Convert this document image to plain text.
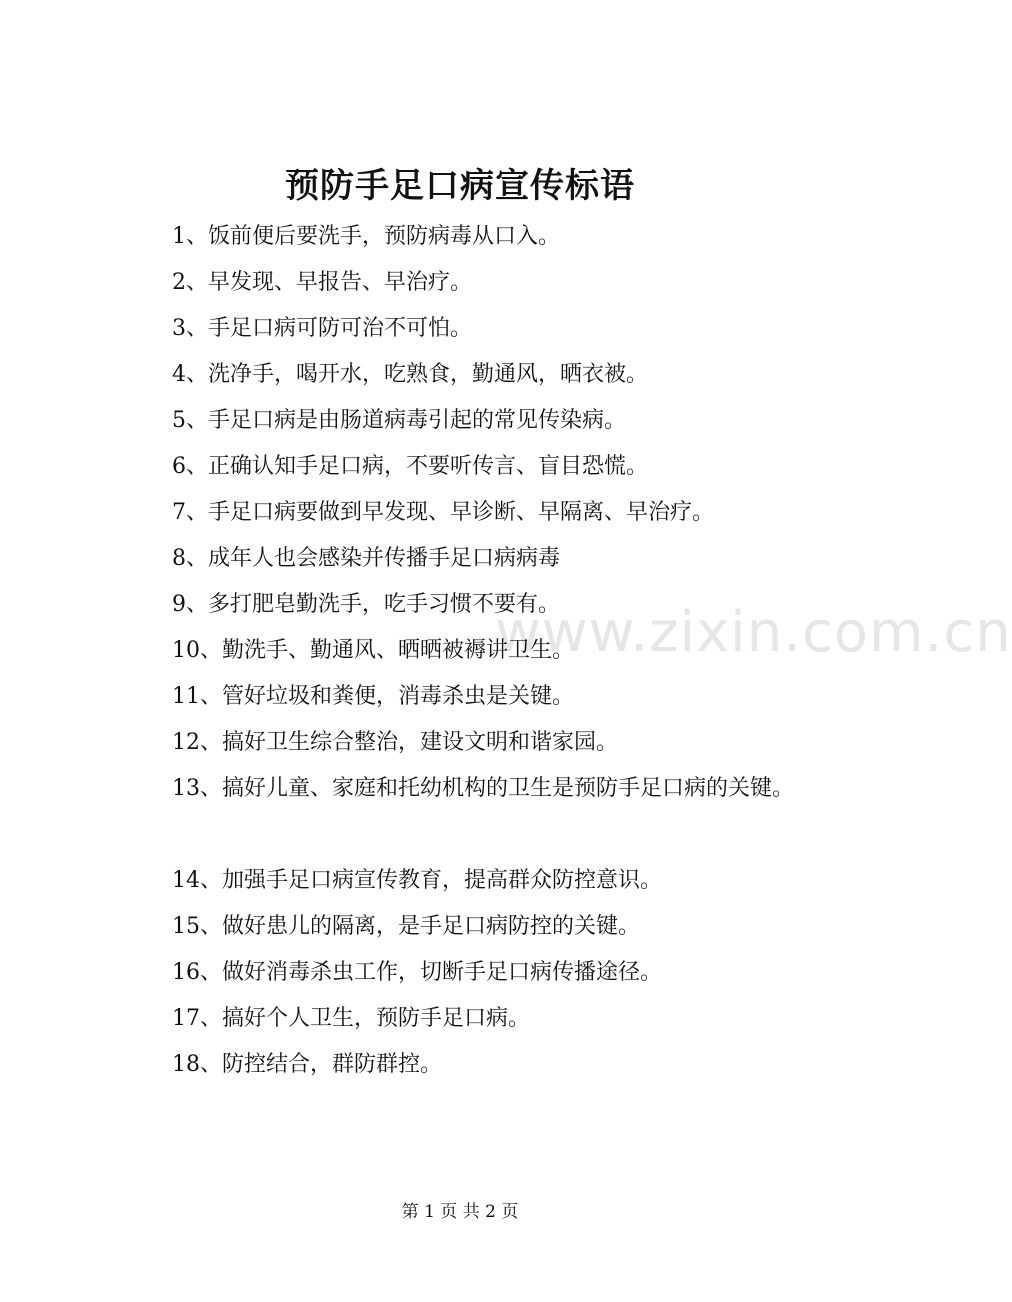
www.zixin.com.cn
预防手足口病宣传标语
1、饭前便后要洗手，预防病毒从口入。
2、早发现、早报告、早治疗。
3、手足口病可防可治不可怕。
4、洗净手，喝开水，吃熟食，勤通风，晒衣被。
5、手足口病是由肠道病毒引起的常见传染病。
6、正确认知手足口病，不要听传言、盲目恐慌。
7、手足口病要做到早发现、早诊断、早隔离、早治疗。
8、成年人也会感染并传播手足口病病毒
9、多打肥皂勤洗手，吃手习惯不要有。
10、勤洗手、勤通风、晒晒被褥讲卫生。
11、管好垃圾和粪便，消毒杀虫是关键。
12、搞好卫生综合整治，建设文明和谐家园。
13、搞好儿童、家庭和托幼机构的卫生是预防手足口病的关键。
14、加强手足口病宣传教育，提高群众防控意识。
15、做好患儿的隔离，是手足口病防控的关键。
16、做好消毒杀虫工作，切断手足口病传播途径。
17、搞好个人卫生，预防手足口病。
18、防控结合，群防群控。
第 1 页 共 2 页
